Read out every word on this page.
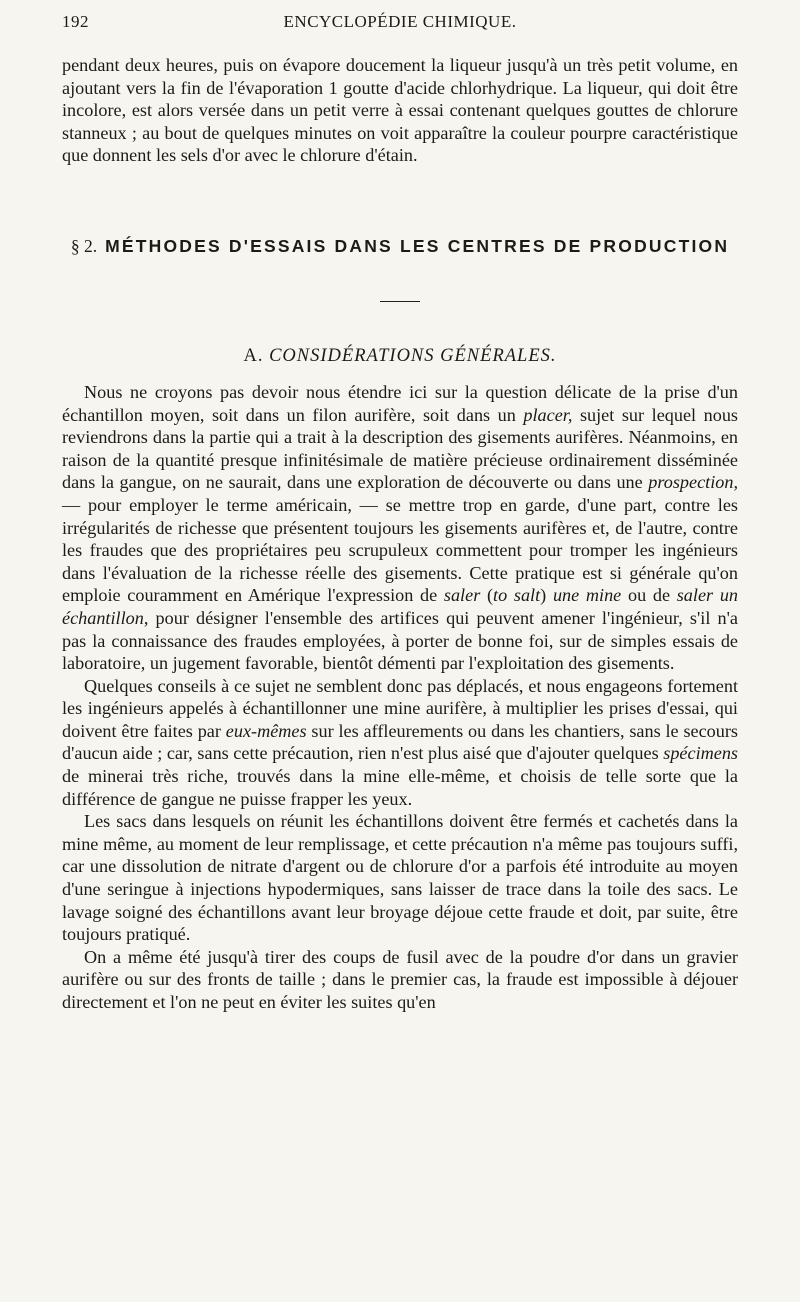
192	ENCYCLOPÉDIE CHIMIQUE.

pendant deux heures, puis on évapore doucement la liqueur jusqu'à un très petit volume, en ajoutant vers la fin de l'évaporation 1 goutte d'acide chlorhydrique. La liqueur, qui doit être incolore, est alors versée dans un petit verre à essai contenant quelques gouttes de chlorure stanneux ; au bout de quelques minutes on voit apparaître la couleur pourpre caractéristique que donnent les sels d'or avec le chlorure d'étain.

§ 2. MÉTHODES D'ESSAIS DANS LES CENTRES DE PRODUCTION
A. CONSIDÉRATIONS GÉNÉRALES.

Nous ne croyons pas devoir nous étendre ici sur la question délicate de la prise d'un échantillon moyen, soit dans un filon aurifère, soit dans un placer, sujet sur lequel nous reviendrons dans la partie qui a trait à la description des gisements aurifères. Néanmoins, en raison de la quantité presque infinitésimale de matière précieuse ordinairement disséminée dans la gangue, on ne saurait, dans une exploration de découverte ou dans une prospection, — pour employer le terme américain, — se mettre trop en garde, d'une part, contre les irrégularités de richesse que présentent toujours les gisements aurifères et, de l'autre, contre les fraudes que des propriétaires peu scrupuleux commettent pour tromper les ingénieurs dans l'évaluation de la richesse réelle des gisements. Cette pratique est si générale qu'on emploie couramment en Amérique l'expression de saler (to salt) une mine ou de saler un échantillon, pour désigner l'ensemble des artifices qui peuvent amener l'ingénieur, s'il n'a pas la connaissance des fraudes employées, à porter de bonne foi, sur de simples essais de laboratoire, un jugement favorable, bientôt démenti par l'exploitation des gisements.

Quelques conseils à ce sujet ne semblent donc pas déplacés, et nous engageons fortement les ingénieurs appelés à échantillonner une mine aurifère, à multiplier les prises d'essai, qui doivent être faites par eux-mêmes sur les affleurements ou dans les chantiers, sans le secours d'aucun aide ; car, sans cette précaution, rien n'est plus aisé que d'ajouter quelques spécimens de minerai très riche, trouvés dans la mine elle-même, et choisis de telle sorte que la différence de gangue ne puisse frapper les yeux.

Les sacs dans lesquels on réunit les échantillons doivent être fermés et cachetés dans la mine même, au moment de leur remplissage, et cette précaution n'a même pas toujours suffi, car une dissolution de nitrate d'argent ou de chlorure d'or a parfois été introduite au moyen d'une seringue à injections hypodermiques, sans laisser de trace dans la toile des sacs. Le lavage soigné des échantillons avant leur broyage déjoue cette fraude et doit, par suite, être toujours pratiqué.

On a même été jusqu'à tirer des coups de fusil avec de la poudre d'or dans un gravier aurifère ou sur des fronts de taille ; dans le premier cas, la fraude est impossible à déjouer directement et l'on ne peut en éviter les suites qu'en
